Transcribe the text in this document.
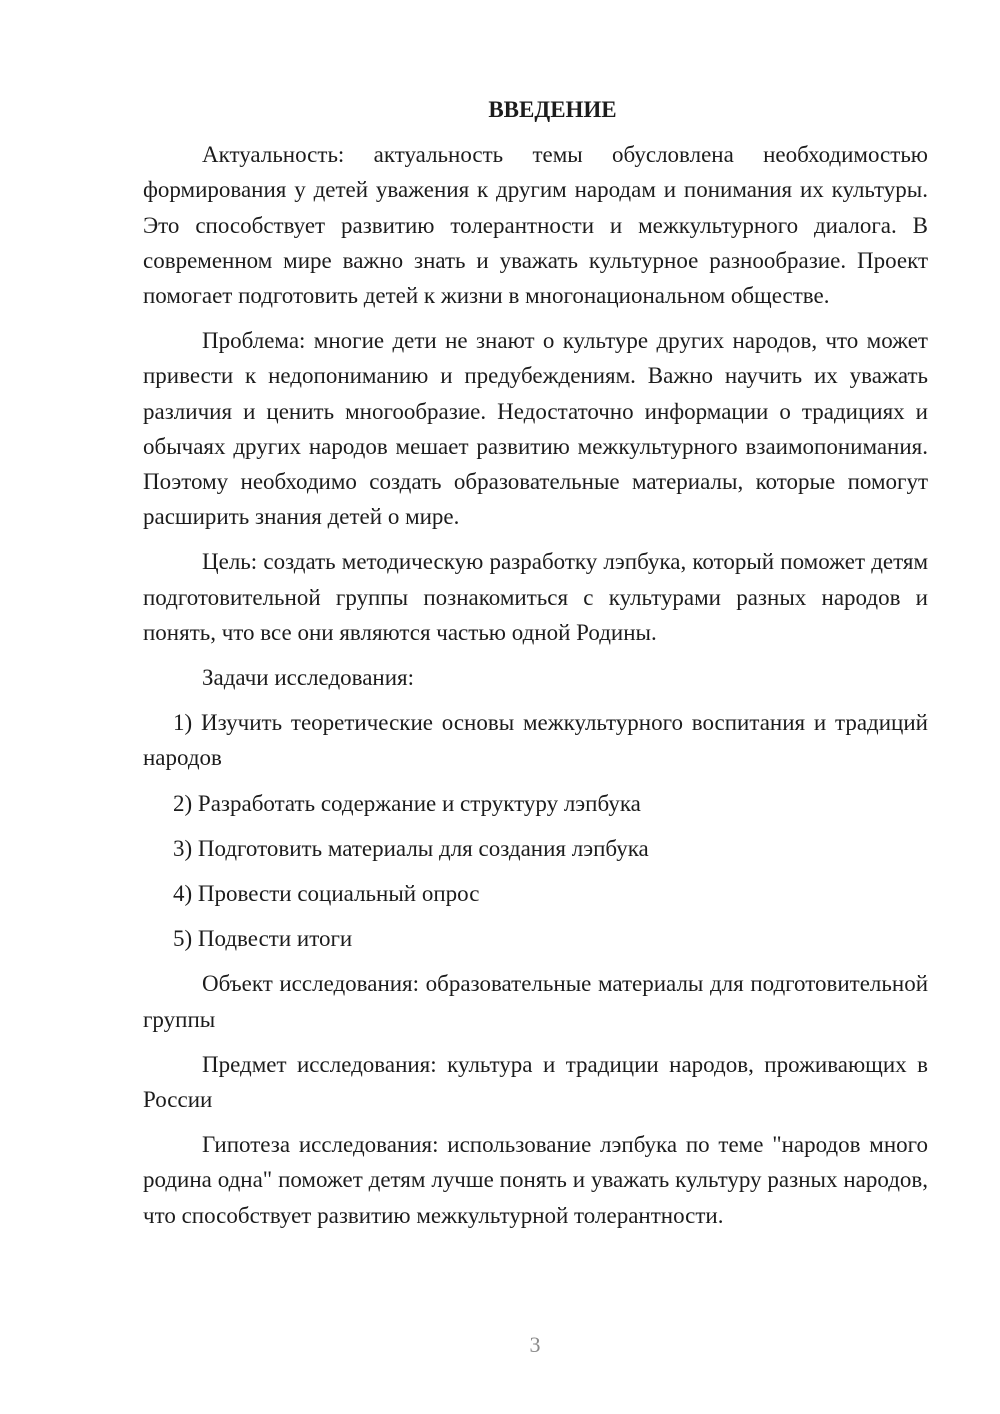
ВВЕДЕНИЕ

Актуальность: актуальность темы обусловлена необходимостью формирования у детей уважения к другим народам и понимания их культуры. Это способствует развитию толерантности и межкультурного диалога. В современном мире важно знать и уважать культурное разнообразие. Проект помогает подготовить детей к жизни в многонациональном обществе.

Проблема: многие дети не знают о культуре других народов, что может привести к недопониманию и предубеждениям. Важно научить их уважать различия и ценить многообразие. Недостаточно информации о традициях и обычаях других народов мешает развитию межкультурного взаимопонимания. Поэтому необходимо создать образовательные материалы, которые помогут расширить знания детей о мире.

Цель: создать методическую разработку лэпбука, который поможет детям подготовительной группы познакомиться с культурами разных народов и понять, что все они являются частью одной Родины.

Задачи исследования:

1) Изучить теоретические основы межкультурного воспитания и традиций народов

2) Разработать содержание и структуру лэпбука

3) Подготовить материалы для создания лэпбука

4) Провести социальный опрос

5) Подвести итоги

Объект исследования: образовательные материалы для подготовительной группы

Предмет исследования: культура и традиции народов, проживающих в России

Гипотеза исследования: использование лэпбука по теме "народов много родина одна" поможет детям лучше понять и уважать культуру разных народов, что способствует развитию межкультурной толерантности.

3
